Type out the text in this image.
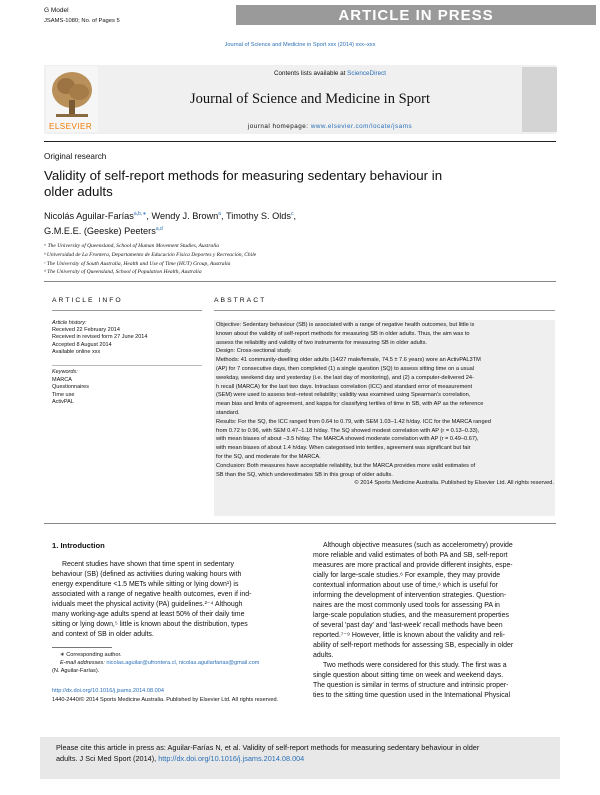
G Model
JSAMS-1080; No. of Pages 5	ARTICLE IN PRESS
Journal of Science and Medicine in Sport xxx (2014) xxx–xxx
ELSEVIER
Contents lists available at ScienceDirect
Journal of Science and Medicine in Sport
journal homepage: www.elsevier.com/locate/jsams
Original research
Validity of self-report methods for measuring sedentary behaviour in
older adults
Nicolás Aguilar-Farías$^{a,b,∗}$, Wendy J. Brown$^a$, Timothy S. Olds$^c$,
G.M.E.E. (Geeske) Peeters$^{a,d}$
ᵃ The University of Queensland, School of Human Movement Studies, Australia
ᵇ Universidad de La Frontera, Departamento de Educación Física Deportes y Recreación, Chile
ᶜ The University of South Australia, Health and Use of Time (HUT) Group, Australia
ᵈ The University of Queensland, School of Population Health, Australia
ARTICLE INFO
Article history:
Received 22 February 2014
Received in revised form 27 June 2014
Accepted 8 August 2014
Available online xxx
Keywords:
MARCA
Questionnaires
Time use
ActivPAL
ABSTRACT
Objective: Sedentary behaviour (SB) is associated with a range of negative health outcomes, but little is
known about the validity of self-report methods for measuring SB in older adults. Thus, the aim was to
assess the reliability and validity of two instruments for measuring SB in older adults.
Design: Cross-sectional study.
Methods: 41 community-dwelling older adults (14/27 male/female, 74.5 ± 7.6 years) wore an ActivPAL3TM
(AP) for 7 consecutive days, then completed (1) a single question (SQ) to assess sitting time on a usual
weekday, weekend day and yesterday (i.e. the last day of monitoring), and (2) a computer-delivered 24-
h recall (MARCA) for the last two days. Intraclass correlation (ICC) and standard error of measurement
(SEM) were used to assess test–retest reliability; validity was examined using Spearman's correlation,
mean bias and limits of agreement, and kappa for classifying tertiles of time in SB, with AP as the reference
standard.
Results: For the SQ, the ICC ranged from 0.64 to 0.79, with SEM 1.03–1.42 h/day. ICC for the MARCA ranged
from 0.72 to 0.96, with SEM 0.47–1.18 h/day. The SQ showed modest correlation with AP (r = 0.13–0.33),
with mean biases of about −3.5 h/day. The MARCA showed moderate correlation with AP (r = 0.49–0.67),
with mean biases of about 1.4 h/day. When categorised into tertiles, agreement was significant but fair
for the SQ, and moderate for the MARCA.
Conclusion: Both measures have acceptable reliability, but the MARCA provides more valid estimates of
SB than the SQ, which underestimates SB in this group of older adults.
© 2014 Sports Medicine Australia. Published by Elsevier Ltd. All rights reserved.
1. Introduction
Recent studies have shown that time spent in sedentary
behaviour (SB) (defined as activities during waking hours with
energy expenditure <1.5 METs while sitting or lying down¹) is
associated with a range of negative health outcomes, even if ind-
ividuals meet the physical activity (PA) guidelines.²⁻⁴ Although
many working-age adults spend at least 50% of their daily time
sitting or lying down,⁵ little is known about the distribution, types
and context of SB in older adults.
Although objective measures (such as accelerometry) provide
more reliable and valid estimates of both PA and SB, self-report
measures are more practical and provide different insights, espe-
cially for large-scale studies.⁶ For example, they may provide
contextual information about use of time,⁶ which is useful for
informing the development of intervention strategies. Question-
naires are the most commonly used tools for assessing PA in
large-scale population studies, and the measurement properties
of several 'past day' and 'last-week' recall methods have been
reported.⁷⁻⁹ However, little is known about the validity and reli-
ability of self-report methods for assessing SB, especially in older
adults.
Two methods were considered for this study. The first was a
single question about sitting time on week and weekend days.
The question is similar in terms of structure and intrinsic proper-
ties to the sitting time question used in the International Physical
∗ Corresponding author.
E-mail addresses: nicolas.aguilar@ufrontera.cl, nicolas.aguilarfarias@gmail.com
(N. Aguilar-Farías).
http://dx.doi.org/10.1016/j.jsams.2014.08.004
1440-2440/© 2014 Sports Medicine Australia. Published by Elsevier Ltd. All rights reserved.
Please cite this article in press as: Aguilar-Farías N, et al. Validity of self-report methods for measuring sedentary behaviour in older
adults. J Sci Med Sport (2014), http://dx.doi.org/10.1016/j.jsams.2014.08.004
